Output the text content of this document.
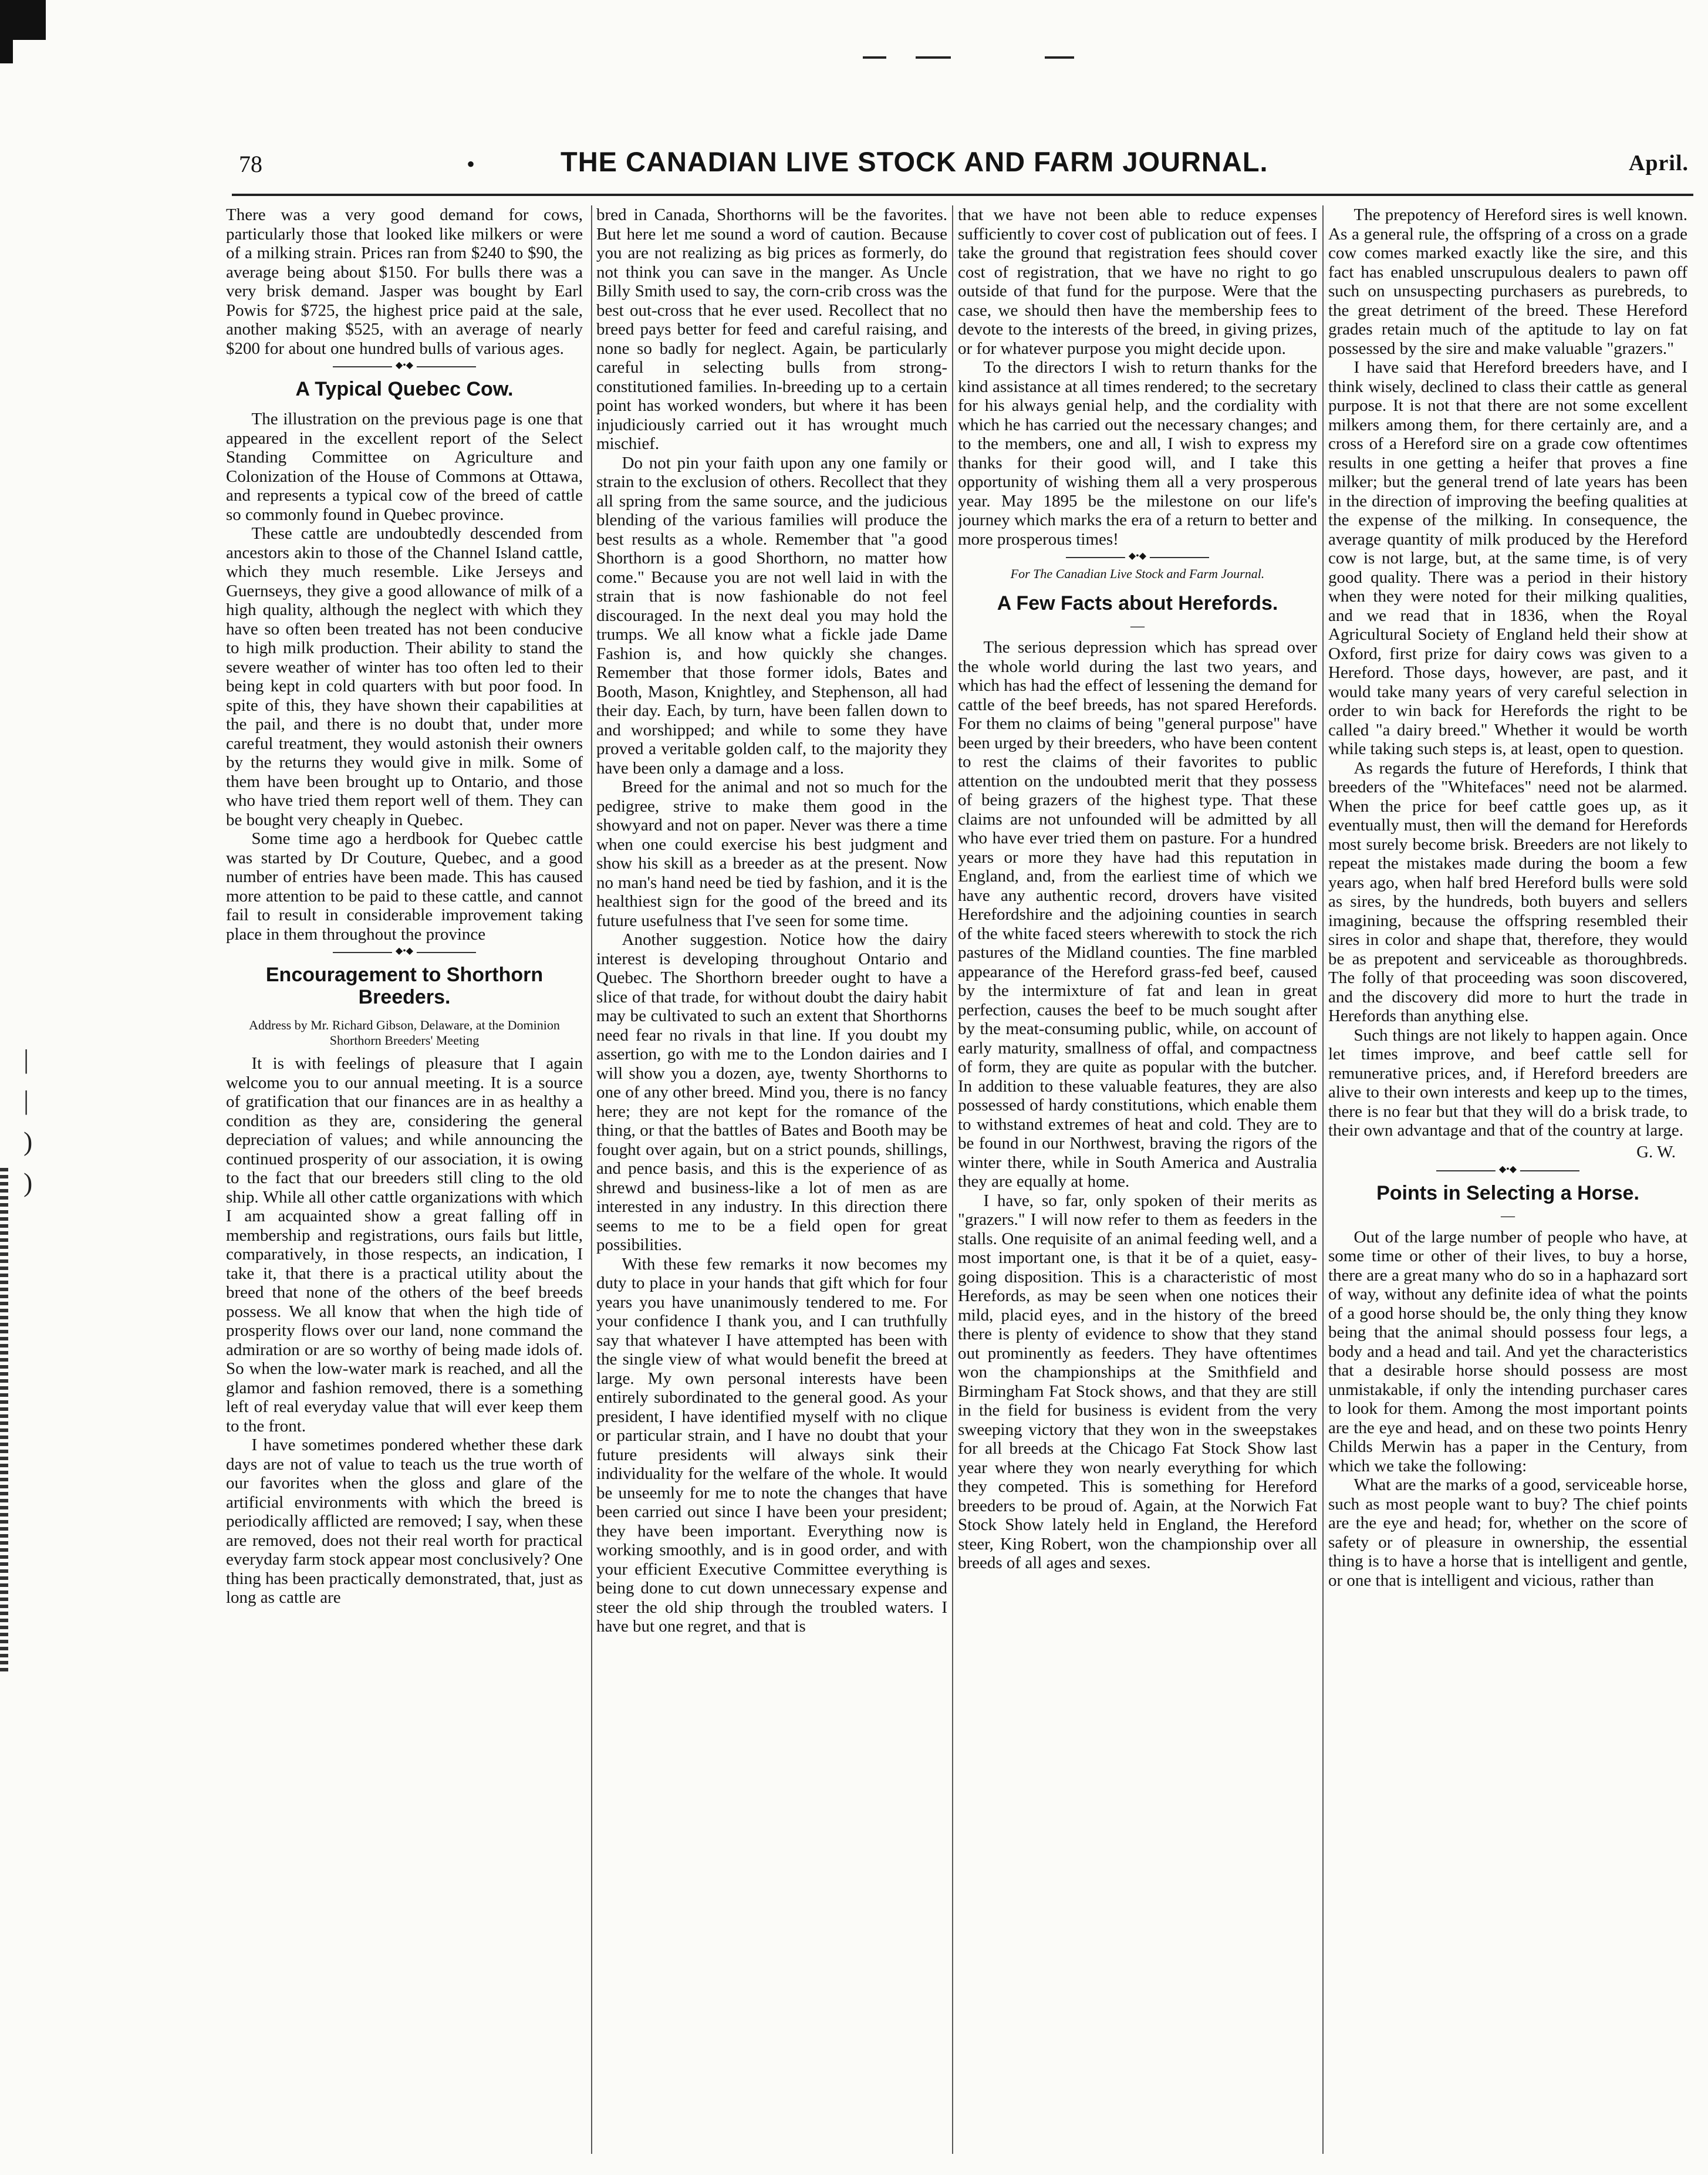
78	•	THE CANADIAN LIVE STOCK AND FARM JOURNAL.	April.
|
|
)
)

There was a very good demand for cows, particularly those that looked like milkers or were of a milking strain. Prices ran from $240 to $90, the average being about $150. For bulls there was a very brisk demand. Jasper was bought by Earl Powis for $725, the highest price paid at the sale, another making $525, with an average of nearly $200 for about one hundred bulls of various ages.

◆•◆
A Typical Quebec Cow.

The illustration on the previous page is one that appeared in the excellent report of the Select Standing Committee on Agriculture and Colonization of the House of Commons at Ottawa, and represents a typical cow of the breed of cattle so commonly found in Quebec province.

These cattle are undoubtedly descended from ancestors akin to those of the Channel Island cattle, which they much resemble. Like Jerseys and Guernseys, they give a good allowance of milk of a high quality, although the neglect with which they have so often been treated has not been conducive to high milk production. Their ability to stand the severe weather of winter has too often led to their being kept in cold quarters with but poor food. In spite of this, they have shown their capabilities at the pail, and there is no doubt that, under more careful treatment, they would astonish their owners by the returns they would give in milk. Some of them have been brought up to Ontario, and those who have tried them report well of them. They can be bought very cheaply in Quebec.

Some time ago a herdbook for Quebec cattle was started by Dr Couture, Quebec, and a good number of entries have been made. This has caused more attention to be paid to these cattle, and cannot fail to result in considerable improvement taking place in them throughout the province

◆•◆
Encouragement to Shorthorn Breeders.
Address by Mr. Richard Gibson, Delaware, at the Dominion Shorthorn Breeders' Meeting

It is with feelings of pleasure that I again welcome you to our annual meeting. It is a source of gratification that our finances are in as healthy a condition as they are, considering the general depreciation of values; and while announcing the continued prosperity of our association, it is owing to the fact that our breeders still cling to the old ship. While all other cattle organizations with which I am acquainted show a great falling off in membership and registrations, ours fails but little, comparatively, in those respects, an indication, I take it, that there is a practical utility about the breed that none of the others of the beef breeds possess. We all know that when the high tide of prosperity flows over our land, none command the admiration or are so worthy of being made idols of. So when the low-water mark is reached, and all the glamor and fashion removed, there is a something left of real everyday value that will ever keep them to the front.

I have sometimes pondered whether these dark days are not of value to teach us the true worth of our favorites when the gloss and glare of the artificial environments with which the breed is periodically afflicted are removed; I say, when these are removed, does not their real worth for practical everyday farm stock appear most conclusively? One thing has been practically demonstrated, that, just as long as cattle are

bred in Canada, Shorthorns will be the favorites. But here let me sound a word of caution. Because you are not realizing as big prices as formerly, do not think you can save in the manger. As Uncle Billy Smith used to say, the corn-crib cross was the best out-cross that he ever used. Recollect that no breed pays better for feed and careful raising, and none so badly for neglect. Again, be particularly careful in selecting bulls from strong-constitutioned families. In-breeding up to a certain point has worked wonders, but where it has been injudiciously carried out it has wrought much mischief.

Do not pin your faith upon any one family or strain to the exclusion of others. Recollect that they all spring from the same source, and the judicious blending of the various families will produce the best results as a whole. Remember that "a good Shorthorn is a good Shorthorn, no matter how come." Because you are not well laid in with the strain that is now fashionable do not feel discouraged. In the next deal you may hold the trumps. We all know what a fickle jade Dame Fashion is, and how quickly she changes. Remember that those former idols, Bates and Booth, Mason, Knightley, and Stephenson, all had their day. Each, by turn, have been fallen down to and worshipped; and while to some they have proved a veritable golden calf, to the majority they have been only a damage and a loss.

Breed for the animal and not so much for the pedigree, strive to make them good in the showyard and not on paper. Never was there a time when one could exercise his best judgment and show his skill as a breeder as at the present. Now no man's hand need be tied by fashion, and it is the healthiest sign for the good of the breed and its future usefulness that I've seen for some time.

Another suggestion. Notice how the dairy interest is developing throughout Ontario and Quebec. The Shorthorn breeder ought to have a slice of that trade, for without doubt the dairy habit may be cultivated to such an extent that Shorthorns need fear no rivals in that line. If you doubt my assertion, go with me to the London dairies and I will show you a dozen, aye, twenty Shorthorns to one of any other breed. Mind you, there is no fancy here; they are not kept for the romance of the thing, or that the battles of Bates and Booth may be fought over again, but on a strict pounds, shillings, and pence basis, and this is the experience of as shrewd and business-like a lot of men as are interested in any industry. In this direction there seems to me to be a field open for great possibilities.

With these few remarks it now becomes my duty to place in your hands that gift which for four years you have unanimously tendered to me. For your confidence I thank you, and I can truthfully say that whatever I have attempted has been with the single view of what would benefit the breed at large. My own personal interests have been entirely subordinated to the general good. As your president, I have identified myself with no clique or particular strain, and I have no doubt that your future presidents will always sink their individuality for the welfare of the whole. It would be unseemly for me to note the changes that have been carried out since I have been your president; they have been important. Everything now is working smoothly, and is in good order, and with your efficient Executive Committee everything is being done to cut down unnecessary expense and steer the old ship through the troubled waters. I have but one regret, and that is

that we have not been able to reduce expenses sufficiently to cover cost of publication out of fees. I take the ground that registration fees should cover cost of registration, that we have no right to go outside of that fund for the purpose. Were that the case, we should then have the membership fees to devote to the interests of the breed, in giving prizes, or for whatever purpose you might decide upon.

To the directors I wish to return thanks for the kind assistance at all times rendered; to the secretary for his always genial help, and the cordiality with which he has carried out the necessary changes; and to the members, one and all, I wish to express my thanks for their good will, and I take this opportunity of wishing them all a very prosperous year. May 1895 be the milestone on our life's journey which marks the era of a return to better and more prosperous times!

◆•◆
For The Canadian Live Stock and Farm Journal.
A Few Facts about Herefords.
—

The serious depression which has spread over the whole world during the last two years, and which has had the effect of lessening the demand for cattle of the beef breeds, has not spared Herefords. For them no claims of being "general purpose" have been urged by their breeders, who have been content to rest the claims of their favorites to public attention on the undoubted merit that they possess of being grazers of the highest type. That these claims are not unfounded will be admitted by all who have ever tried them on pasture. For a hundred years or more they have had this reputation in England, and, from the earliest time of which we have any authentic record, drovers have visited Herefordshire and the adjoining counties in search of the white faced steers wherewith to stock the rich pastures of the Midland counties. The fine marbled appearance of the Hereford grass-fed beef, caused by the intermixture of fat and lean in great perfection, causes the beef to be much sought after by the meat-consuming public, while, on account of early maturity, smallness of offal, and compactness of form, they are quite as popular with the butcher. In addition to these valuable features, they are also possessed of hardy constitutions, which enable them to withstand extremes of heat and cold. They are to be found in our Northwest, braving the rigors of the winter there, while in South America and Australia they are equally at home.

I have, so far, only spoken of their merits as "grazers." I will now refer to them as feeders in the stalls. One requisite of an animal feeding well, and a most important one, is that it be of a quiet, easy-going disposition. This is a characteristic of most Herefords, as may be seen when one notices their mild, placid eyes, and in the history of the breed there is plenty of evidence to show that they stand out prominently as feeders. They have oftentimes won the championships at the Smithfield and Birmingham Fat Stock shows, and that they are still in the field for business is evident from the very sweeping victory that they won in the sweepstakes for all breeds at the Chicago Fat Stock Show last year where they won nearly everything for which they competed. This is something for Hereford breeders to be proud of. Again, at the Norwich Fat Stock Show lately held in England, the Hereford steer, King Robert, won the championship over all breeds of all ages and sexes.

The prepotency of Hereford sires is well known. As a general rule, the offspring of a cross on a grade cow comes marked exactly like the sire, and this fact has enabled unscrupulous dealers to pawn off such on unsuspecting purchasers as purebreds, to the great detriment of the breed. These Hereford grades retain much of the aptitude to lay on fat possessed by the sire and make valuable "grazers."

I have said that Hereford breeders have, and I think wisely, declined to class their cattle as general purpose. It is not that there are not some excellent milkers among them, for there certainly are, and a cross of a Hereford sire on a grade cow oftentimes results in one getting a heifer that proves a fine milker; but the general trend of late years has been in the direction of improving the beefing qualities at the expense of the milking. In consequence, the average quantity of milk produced by the Hereford cow is not large, but, at the same time, is of very good quality. There was a period in their history when they were noted for their milking qualities, and we read that in 1836, when the Royal Agricultural Society of England held their show at Oxford, first prize for dairy cows was given to a Hereford. Those days, however, are past, and it would take many years of very careful selection in order to win back for Herefords the right to be called "a dairy breed." Whether it would be worth while taking such steps is, at least, open to question.

As regards the future of Herefords, I think that breeders of the "Whitefaces" need not be alarmed. When the price for beef cattle goes up, as it eventually must, then will the demand for Herefords most surely become brisk. Breeders are not likely to repeat the mistakes made during the boom a few years ago, when half bred Hereford bulls were sold as sires, by the hundreds, both buyers and sellers imagining, because the offspring resembled their sires in color and shape that, therefore, they would be as prepotent and serviceable as thoroughbreds. The folly of that proceeding was soon discovered, and the discovery did more to hurt the trade in Herefords than anything else.

Such things are not likely to happen again. Once let times improve, and beef cattle sell for remunerative prices, and, if Hereford breeders are alive to their own interests and keep up to the times, there is no fear but that they will do a brisk trade, to their own advantage and that of the country at large.

G. W.
◆•◆
Points in Selecting a Horse.
—

Out of the large number of people who have, at some time or other of their lives, to buy a horse, there are a great many who do so in a haphazard sort of way, without any definite idea of what the points of a good horse should be, the only thing they know being that the animal should possess four legs, a body and a head and tail. And yet the characteristics that a desirable horse should possess are most unmistakable, if only the intending purchaser cares to look for them. Among the most important points are the eye and head, and on these two points Henry Childs Merwin has a paper in the Century, from which we take the following:

What are the marks of a good, serviceable horse, such as most people want to buy? The chief points are the eye and head; for, whether on the score of safety or of pleasure in ownership, the essential thing is to have a horse that is intelligent and gentle, or one that is intelligent and vicious, rather than
